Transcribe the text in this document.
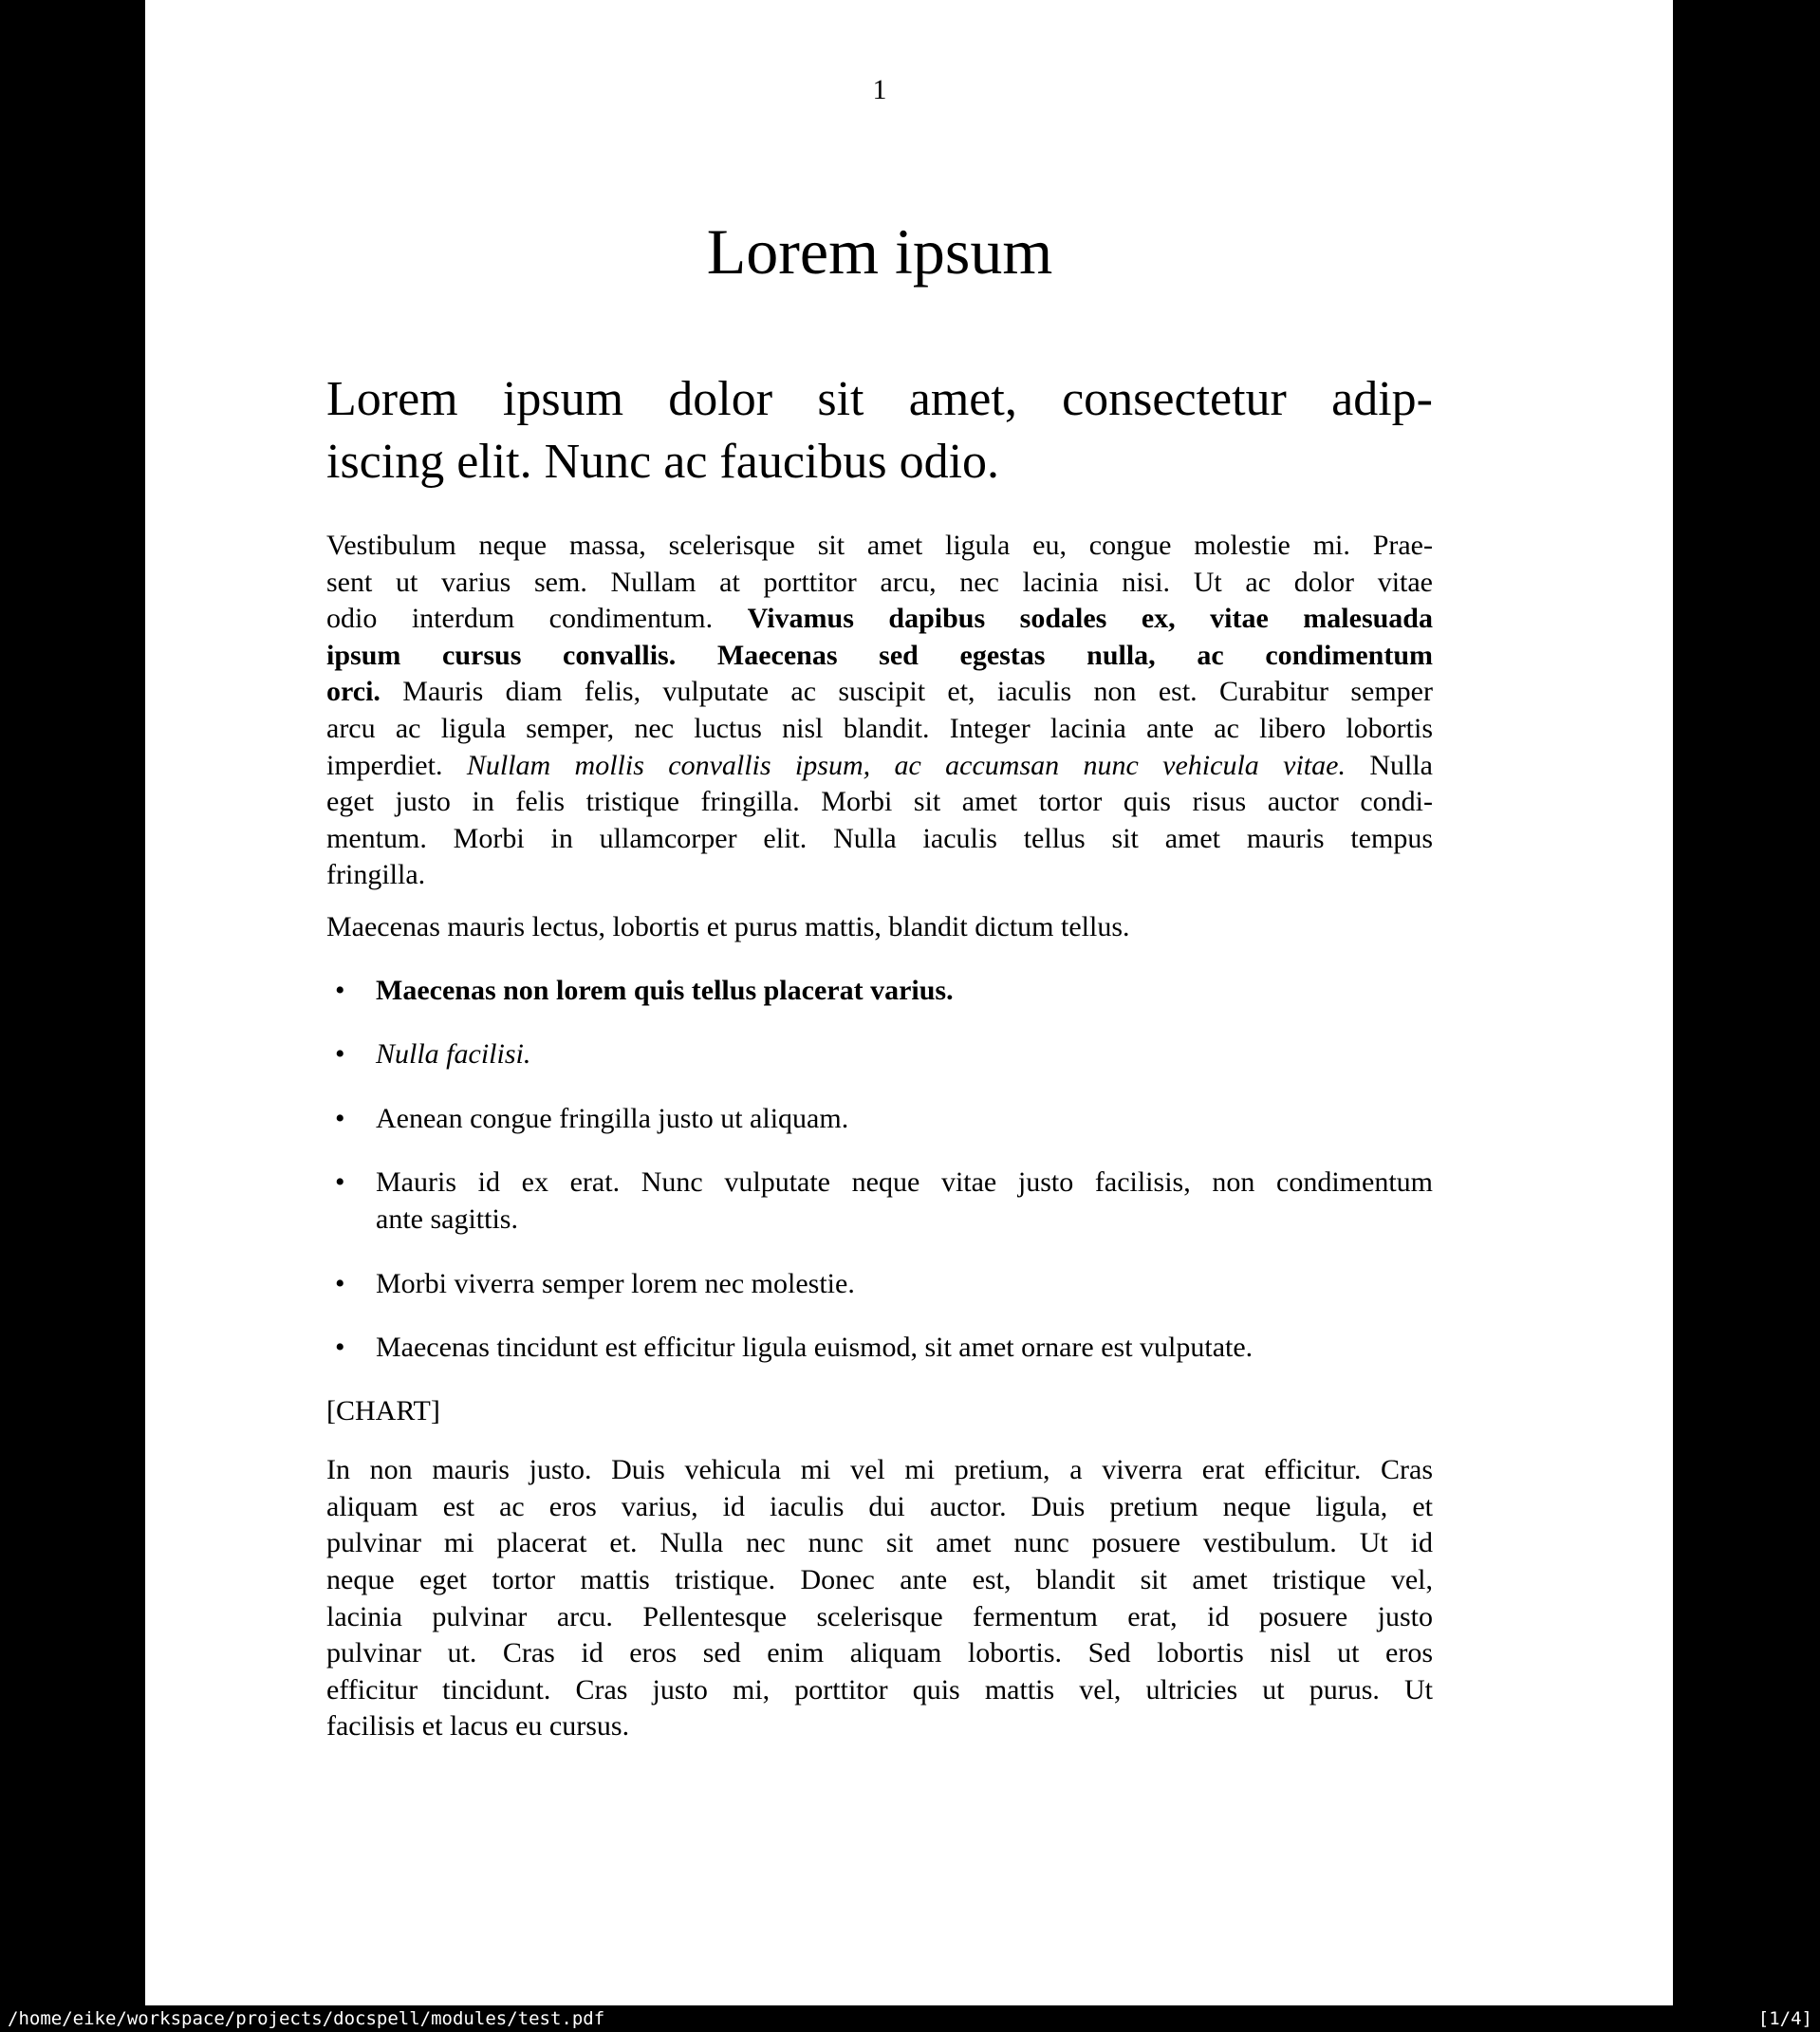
1
Lorem ipsum
Lorem ipsum dolor sit amet, consectetur adip-
iscing elit. Nunc ac faucibus odio.
Vestibulum neque massa, scelerisque sit amet ligula eu, congue molestie mi. Prae-
sent ut varius sem. Nullam at porttitor arcu, nec lacinia nisi. Ut ac dolor vitae
odio interdum condimentum. Vivamus dapibus sodales ex, vitae malesuada
ipsum cursus convallis. Maecenas sed egestas nulla, ac condimentum
orci. Mauris diam felis, vulputate ac suscipit et, iaculis non est. Curabitur semper
arcu ac ligula semper, nec luctus nisl blandit. Integer lacinia ante ac libero lobortis
imperdiet. Nullam mollis convallis ipsum, ac accumsan nunc vehicula vitae. Nulla
eget justo in felis tristique fringilla. Morbi sit amet tortor quis risus auctor condi-
mentum. Morbi in ullamcorper elit. Nulla iaculis tellus sit amet mauris tempus
fringilla.
Maecenas mauris lectus, lobortis et purus mattis, blandit dictum tellus.
•	Maecenas non lorem quis tellus placerat varius.
•	Nulla facilisi.
•	Aenean congue fringilla justo ut aliquam.
•	Mauris id ex erat. Nunc vulputate neque vitae justo facilisis, non condimentum
ante sagittis.
•	Morbi viverra semper lorem nec molestie.
•	Maecenas tincidunt est efficitur ligula euismod, sit amet ornare est vulputate.
[CHART]
In non mauris justo. Duis vehicula mi vel mi pretium, a viverra erat efficitur. Cras
aliquam est ac eros varius, id iaculis dui auctor. Duis pretium neque ligula, et
pulvinar mi placerat et. Nulla nec nunc sit amet nunc posuere vestibulum. Ut id
neque eget tortor mattis tristique. Donec ante est, blandit sit amet tristique vel,
lacinia pulvinar arcu. Pellentesque scelerisque fermentum erat, id posuere justo
pulvinar ut. Cras id eros sed enim aliquam lobortis. Sed lobortis nisl ut eros
efficitur tincidunt. Cras justo mi, porttitor quis mattis vel, ultricies ut purus. Ut
facilisis et lacus eu cursus.
/home/eike/workspace/projects/docspell/modules/test.pdf	[1/4]
